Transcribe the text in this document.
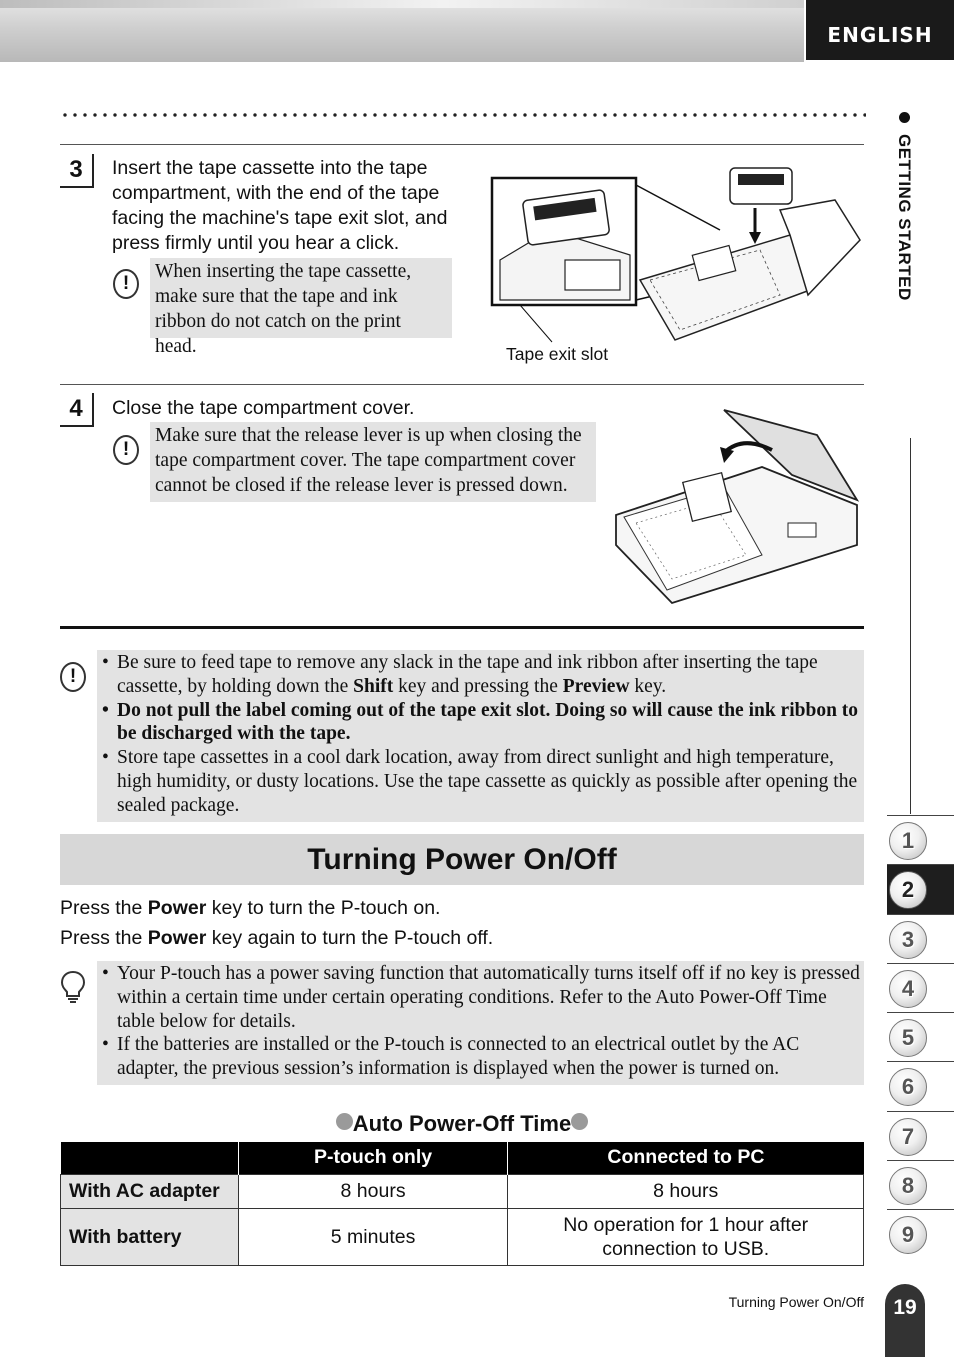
ENGLISH
GETTING STARTED
1
2
3
4
5
6
7
8
9
3	Insert the tape cassette into the tape compartment, with the end of the tape facing the machine's tape exit slot, and press firmly until you hear a click.
!
When inserting the tape cassette, make sure that the tape and ink ribbon do not catch on the print head.	Tape exit slot
4	Close the tape compartment cover.
!
Make sure that the release lever is up when closing the tape compartment cover. The tape compartment cover cannot be closed if the release lever is pressed down.
!
• Be sure to feed tape to remove any slack in the tape and ink ribbon after inserting the tape cassette, by holding down the Shift key and pressing the Preview key.
• Do not pull the label coming out of the tape exit slot. Doing so will cause the ink ribbon to be discharged with the tape.
• Store tape cassettes in a cool dark location, away from direct sunlight and high temperature, high humidity, or dusty locations. Use the tape cassette as quickly as possible after opening the sealed package.
Turning Power On/Off
Press the Power key to turn the P-touch on.
Press the Power key again to turn the P-touch off.
• Your P-touch has a power saving function that automatically turns itself off if no key is pressed within a certain time under certain operating conditions. Refer to the Auto Power-Off Time table below for details.
• If the batteries are installed or the P-touch is connected to an electrical outlet by the AC adapter, the previous session’s information is displayed when the power is turned on.
Auto Power-Off Time
	P-touch only	Connected to PC
With AC adapter	8 hours	8 hours
With battery	5 minutes	No operation for 1 hour after connection to USB.
Turning Power On/Off	19
